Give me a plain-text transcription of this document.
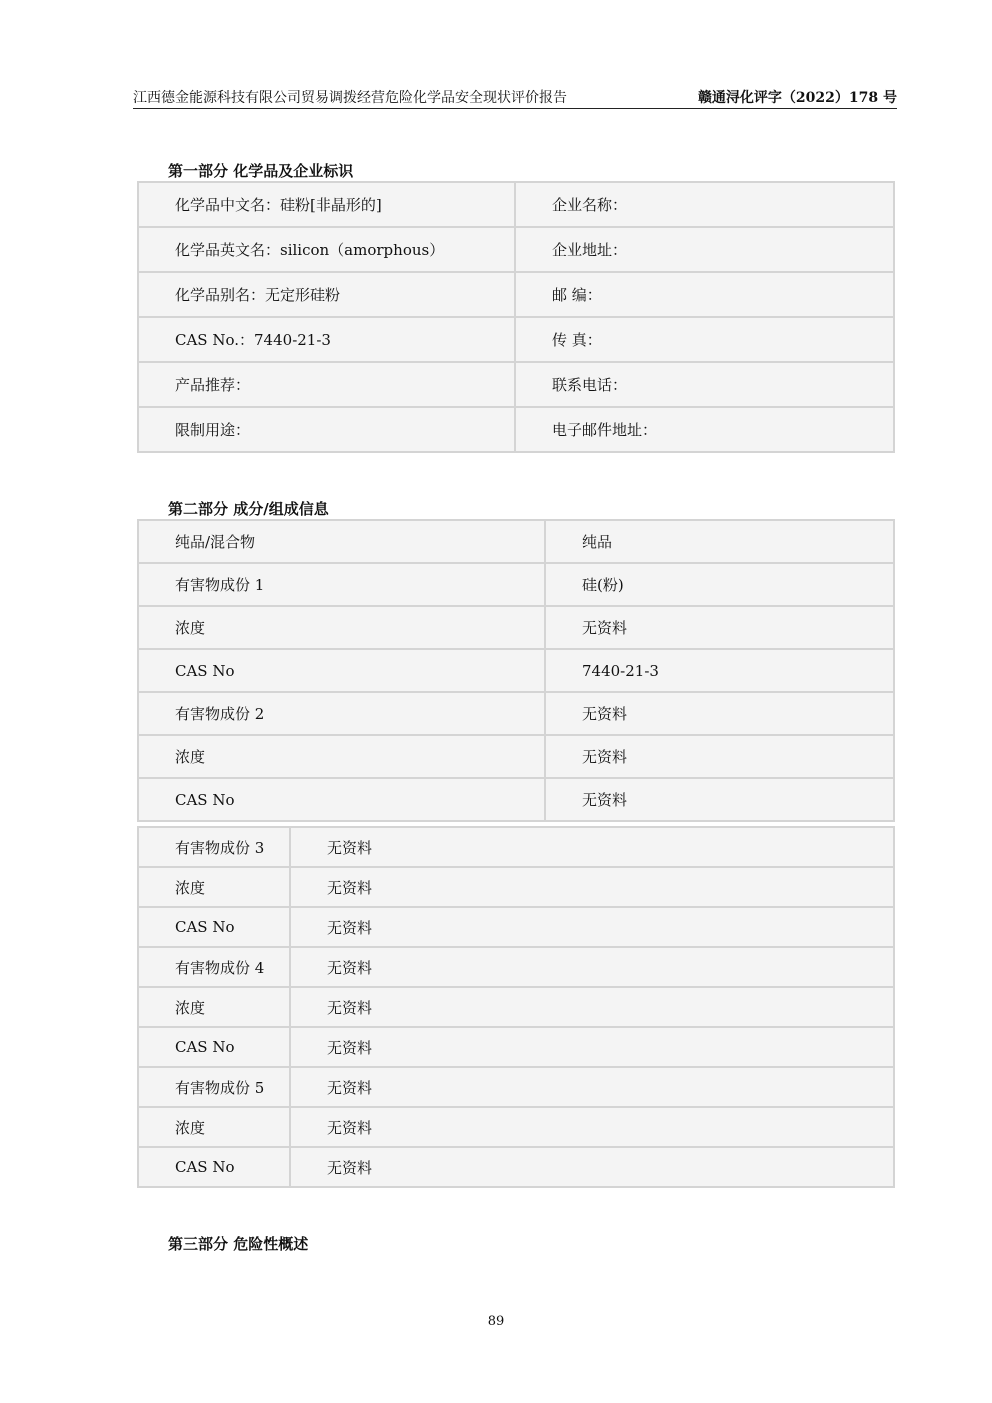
江西德金能源科技有限公司贸易调拨经营危险化学品安全现状评价报告	赣通浔化评字（2022）178 号
第一部分 化学品及企业标识
化学品中文名：硅粉[非晶形的]	企业名称：
化学品英文名：silicon（amorphous）	企业地址：
化学品别名：无定形硅粉	邮 编：
CAS No.：7440-21-3	传 真：
产品推荐：	联系电话：
限制用途：	电子邮件地址：
第二部分 成分/组成信息
纯品/混合物	纯品
有害物成份 1	硅(粉)
浓度	无资料
CAS No	7440-21-3
有害物成份 2	无资料
浓度	无资料
CAS No	无资料
有害物成份 3	无资料
浓度	无资料
CAS No	无资料
有害物成份 4	无资料
浓度	无资料
CAS No	无资料
有害物成份 5	无资料
浓度	无资料
CAS No	无资料
第三部分 危险性概述
89
